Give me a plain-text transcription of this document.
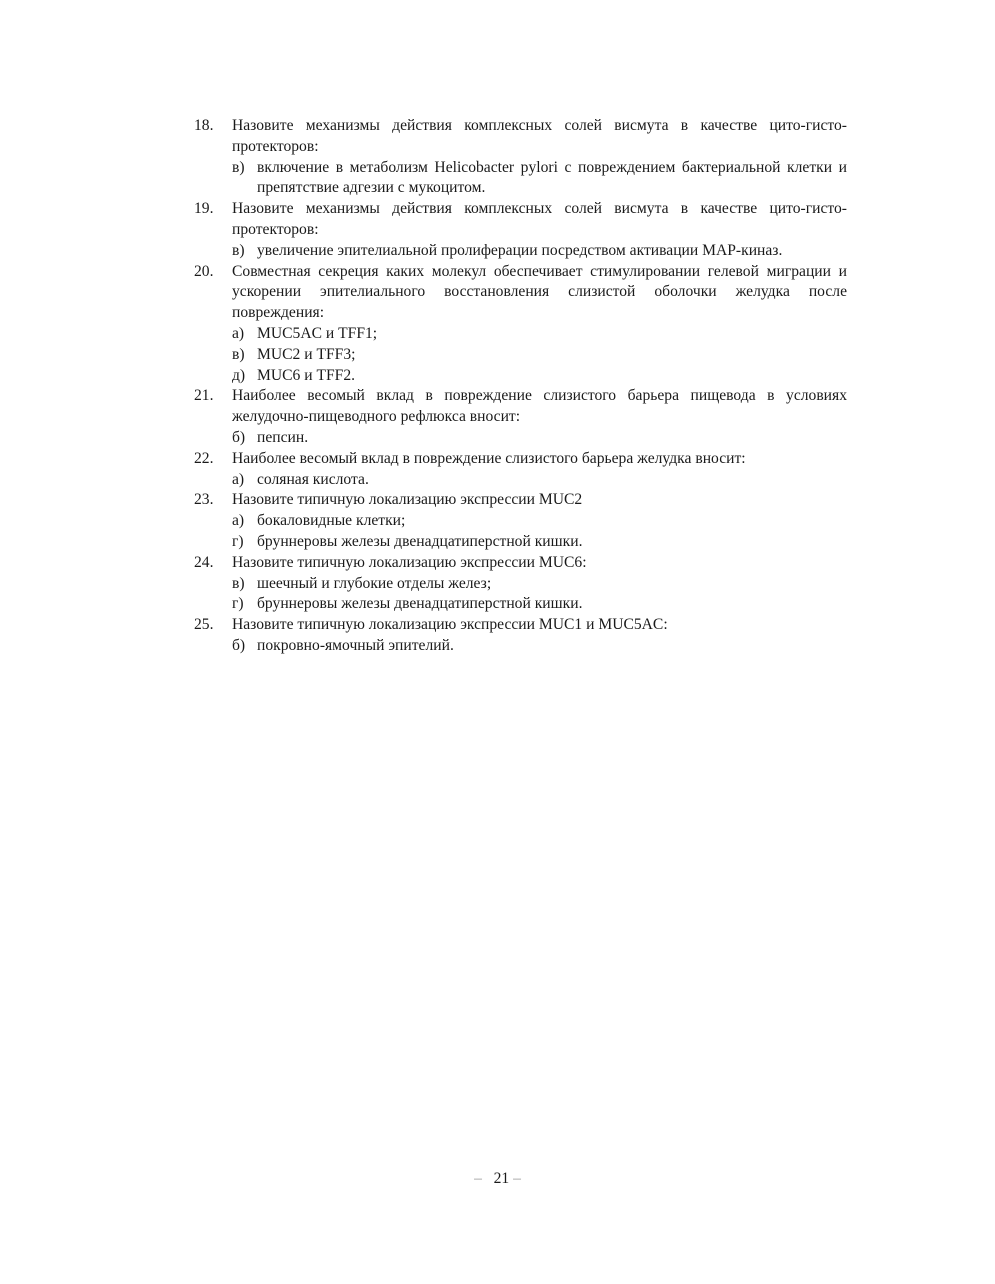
18.	Назовите механизмы действия комплексных солей висмута в качестве цито-гисто-протекторов:
в) включение в метаболизм Helicobacter pylori с повреждением бактериальной клетки и препятствие адгезии с мукоцитом.
19.	Назовите механизмы действия комплексных солей висмута в качестве цито-гисто-протекторов:
в) увеличение эпителиальной пролиферации посредством активации МАР-киназ.
20.	Совместная секреция каких молекул обеспечивает стимулировании гелевой миграции и ускорении эпителиального восстановления слизистой оболочки желудка после повреждения:
а) MUC5AC и TFF1;
в) MUC2 и TFF3;
д) MUC6 и TFF2.
21.	Наиболее весомый вклад в повреждение слизистого барьера пищевода в условиях желудочно-пищеводного рефлюкса вносит:
б) пепсин.
22.	Наиболее весомый вклад в повреждение слизистого барьера желудка вносит:
а) соляная кислота.
23.	Назовите типичную локализацию экспрессии MUC2
а) бокаловидные клетки;
г) бруннеровы железы двенадцатиперстной кишки.
24.	Назовите типичную локализацию экспрессии MUC6:
в) шеечный и глубокие отделы желез;
г) бруннеровы железы двенадцатиперстной кишки.
25.	Назовите типичную локализацию экспрессии MUC1 и MUC5AC:
б) покровно-ямочный эпителий.
– 21 –
